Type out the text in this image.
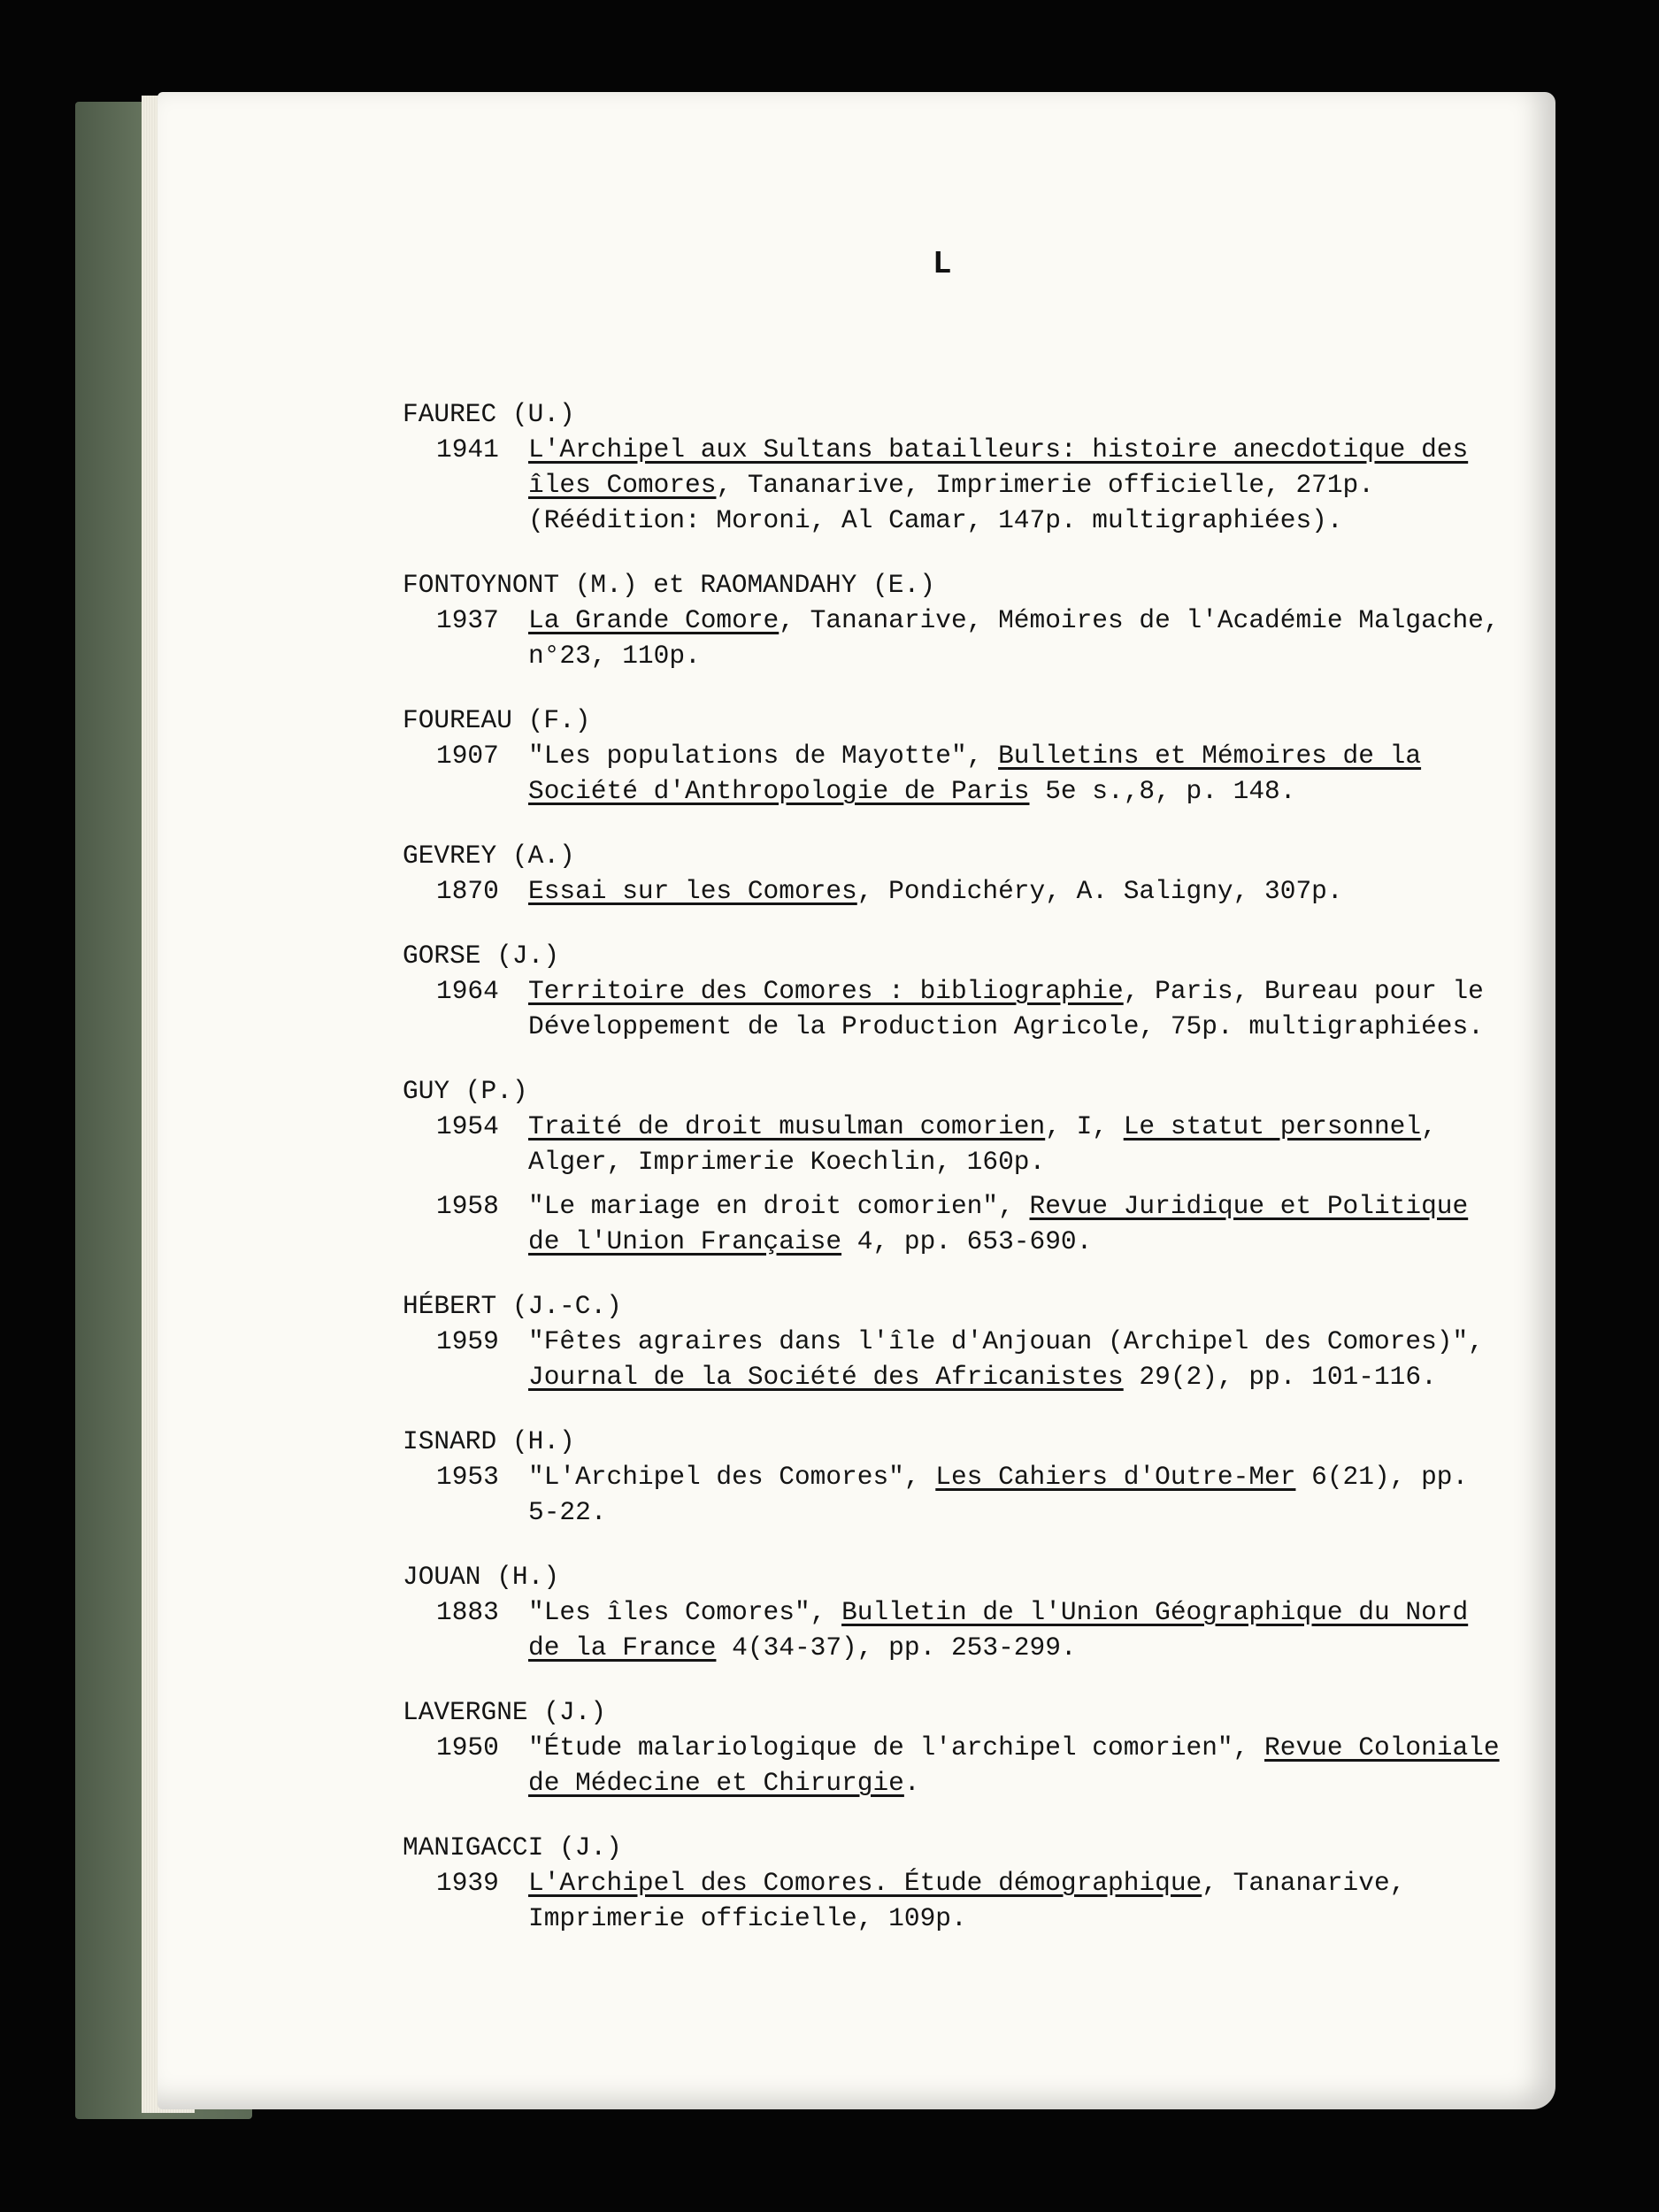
L
FAUREC (U.)
1941 L'Archipel aux Sultans batailleurs: histoire anecdotique des îles Comores, Tananarive, Imprimerie officielle, 271p. (Réédition: Moroni, Al Camar, 147p. multigraphiées).
FONTOYNONT (M.) et RAOMANDAHY (E.)
1937 La Grande Comore, Tananarive, Mémoires de l'Académie Malgache, n°23, 110p.
FOUREAU (F.)
1907 "Les populations de Mayotte", Bulletins et Mémoires de la Société d'Anthropologie de Paris 5e s.,8, p. 148.
GEVREY (A.)
1870 Essai sur les Comores, Pondichéry, A. Saligny, 307p.
GORSE (J.)
1964 Territoire des Comores : bibliographie, Paris, Bureau pour le Développement de la Production Agricole, 75p. multigraphiées.
GUY (P.)
1954 Traité de droit musulman comorien, I, Le statut personnel, Alger, Imprimerie Koechlin, 160p.
1958 "Le mariage en droit comorien", Revue Juridique et Politique de l'Union Française 4, pp. 653-690.
HÉBERT (J.-C.)
1959 "Fêtes agraires dans l'île d'Anjouan (Archipel des Comores)", Journal de la Société des Africanistes 29(2), pp. 101-116.
ISNARD (H.)
1953 "L'Archipel des Comores", Les Cahiers d'Outre-Mer 6(21), pp. 5-22.
JOUAN (H.)
1883 "Les îles Comores", Bulletin de l'Union Géographique du Nord de la France 4(34-37), pp. 253-299.
LAVERGNE (J.)
1950 "Étude malariologique de l'archipel comorien", Revue Coloniale de Médecine et Chirurgie.
MANIGACCI (J.)
1939 L'Archipel des Comores. Étude démographique, Tananarive, Imprimerie officielle, 109p.
